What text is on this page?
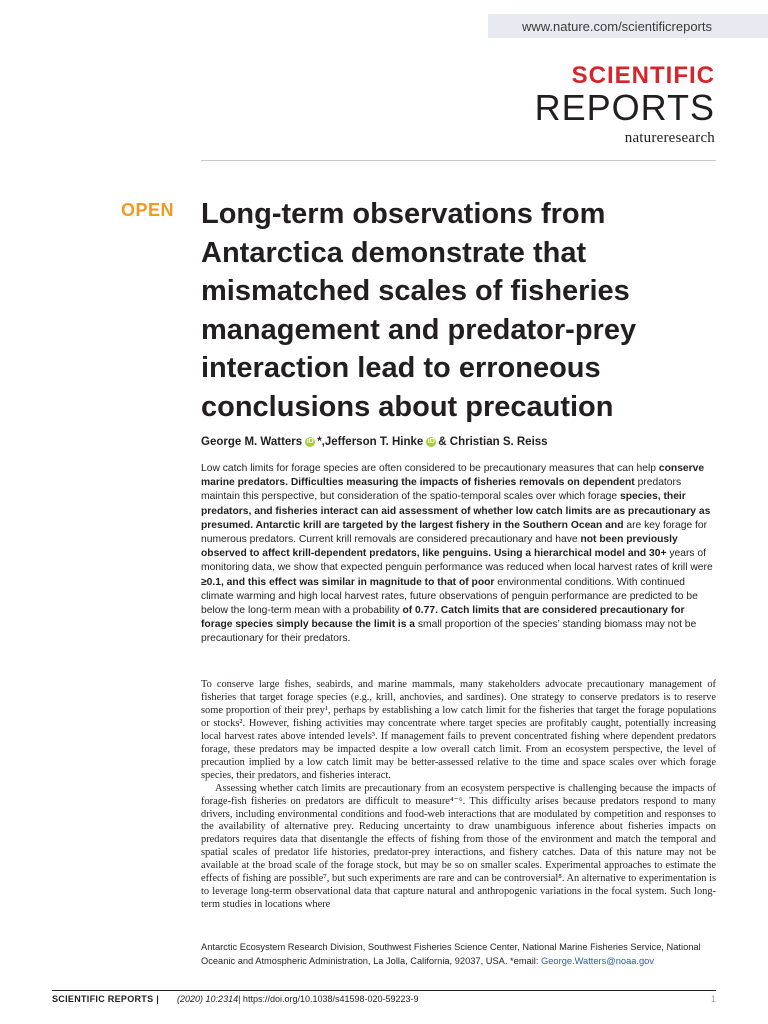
www.nature.com/scientificreports
SCIENTIFIC
REPORTS
natureresearch
OPEN Long-term observations from Antarctica demonstrate that mismatched scales of fisheries management and predator-prey interaction lead to erroneous conclusions about precaution
George M. Watters iD *, Jefferson T. Hinke iD & Christian S. Reiss
Low catch limits for forage species are often considered to be precautionary measures that can help conserve marine predators. Difficulties measuring the impacts of fisheries removals on dependent predators maintain this perspective, but consideration of the spatio-temporal scales over which forage species, their predators, and fisheries interact can aid assessment of whether low catch limits are as precautionary as presumed. Antarctic krill are targeted by the largest fishery in the Southern Ocean and are key forage for numerous predators. Current krill removals are considered precautionary and have not been previously observed to affect krill-dependent predators, like penguins. Using a hierarchical model and 30+ years of monitoring data, we show that expected penguin performance was reduced when local harvest rates of krill were ≥0.1, and this effect was similar in magnitude to that of poor environmental conditions. With continued climate warming and high local harvest rates, future observations of penguin performance are predicted to be below the long-term mean with a probability of 0.77. Catch limits that are considered precautionary for forage species simply because the limit is a small proportion of the species’ standing biomass may not be precautionary for their predators.

To conserve large fishes, seabirds, and marine mammals, many stakeholders advocate precautionary management of fisheries that target forage species (e.g., krill, anchovies, and sardines). One strategy to conserve predators is to reserve some proportion of their prey¹, perhaps by establishing a low catch limit for the fisheries that target the forage populations or stocks². However, fishing activities may concentrate where target species are profitably caught, potentially increasing local harvest rates above intended levels³. If management fails to prevent concentrated fishing where dependent predators forage, these predators may be impacted despite a low overall catch limit. From an ecosystem perspective, the level of precaution implied by a low catch limit may be better-assessed relative to the time and space scales over which forage species, their predators, and fisheries interact.

Assessing whether catch limits are precautionary from an ecosystem perspective is challenging because the impacts of forage-fish fisheries on predators are difficult to measure⁴⁻⁶. This difficulty arises because predators respond to many drivers, including environmental conditions and food-web interactions that are modulated by competition and responses to the availability of alternative prey. Reducing uncertainty to draw unambiguous inference about fisheries impacts on predators requires data that disentangle the effects of fishing from those of the environment and match the temporal and spatial scales of predator life histories, predator-prey interactions, and fishery catches. Data of this nature may not be available at the broad scale of the forage stock, but may be so on smaller scales. Experimental approaches to estimate the effects of fishing are possible⁷, but such experiments are rare and can be controversial⁸. An alternative to experimentation is to leverage long-term observational data that capture natural and anthropogenic variations in the focal system. Such long-term studies in locations where

Antarctic Ecosystem Research Division, Southwest Fisheries Science Center, National Marine Fisheries Service, National Oceanic and Atmospheric Administration, La Jolla, California, 92037, USA. *email: George.Watters@noaa.gov
SCIENTIFIC REPORTS | (2020) 10:2314 | https://doi.org/10.1038/s41598-020-59223-9	1
